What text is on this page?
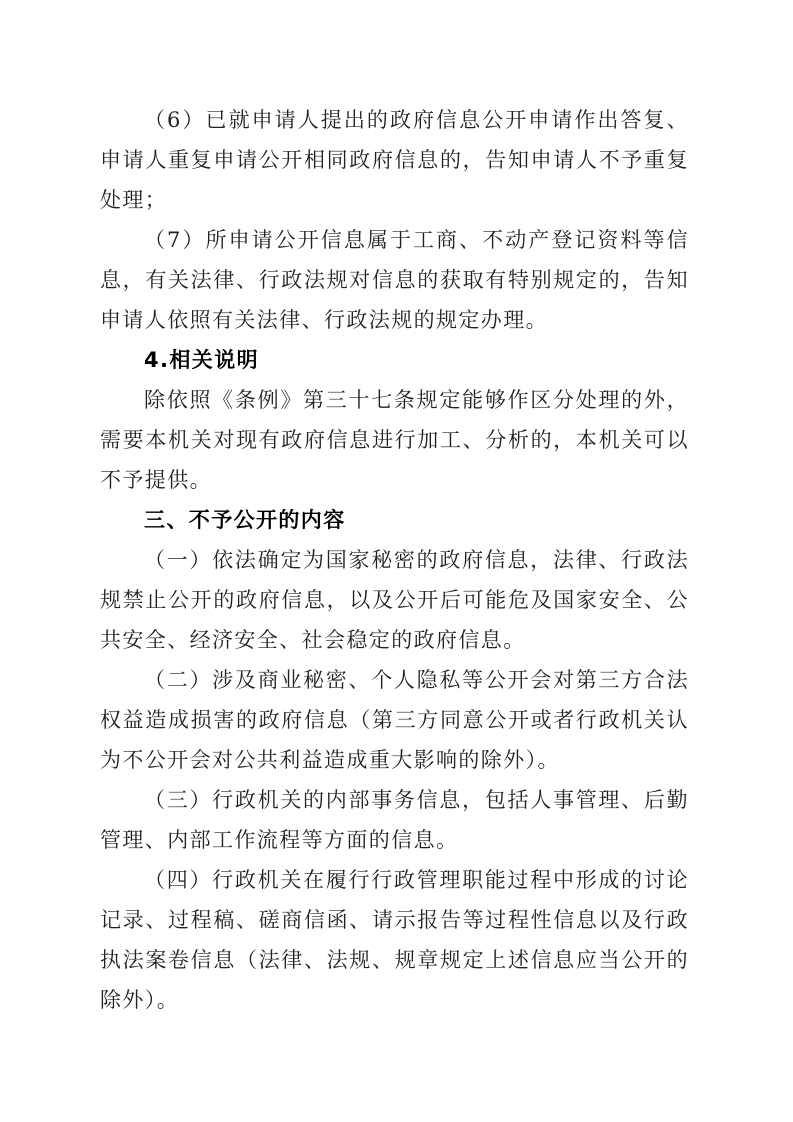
（6）已就申请人提出的政府信息公开申请作出答复、申请人重复申请公开相同政府信息的，告知申请人不予重复处理；

（7）所申请公开信息属于工商、不动产登记资料等信息，有关法律、行政法规对信息的获取有特别规定的，告知申请人依照有关法律、行政法规的规定办理。

4.相关说明

除依照《条例》第三十七条规定能够作区分处理的外，需要本机关对现有政府信息进行加工、分析的，本机关可以不予提供。

三、不予公开的内容

（一）依法确定为国家秘密的政府信息，法律、行政法规禁止公开的政府信息，以及公开后可能危及国家安全、公共安全、经济安全、社会稳定的政府信息。

（二）涉及商业秘密、个人隐私等公开会对第三方合法权益造成损害的政府信息（第三方同意公开或者行政机关认为不公开会对公共利益造成重大影响的除外）。

（三）行政机关的内部事务信息，包括人事管理、后勤管理、内部工作流程等方面的信息。

（四）行政机关在履行行政管理职能过程中形成的讨论记录、过程稿、磋商信函、请示报告等过程性信息以及行政执法案卷信息（法律、法规、规章规定上述信息应当公开的除外）。
